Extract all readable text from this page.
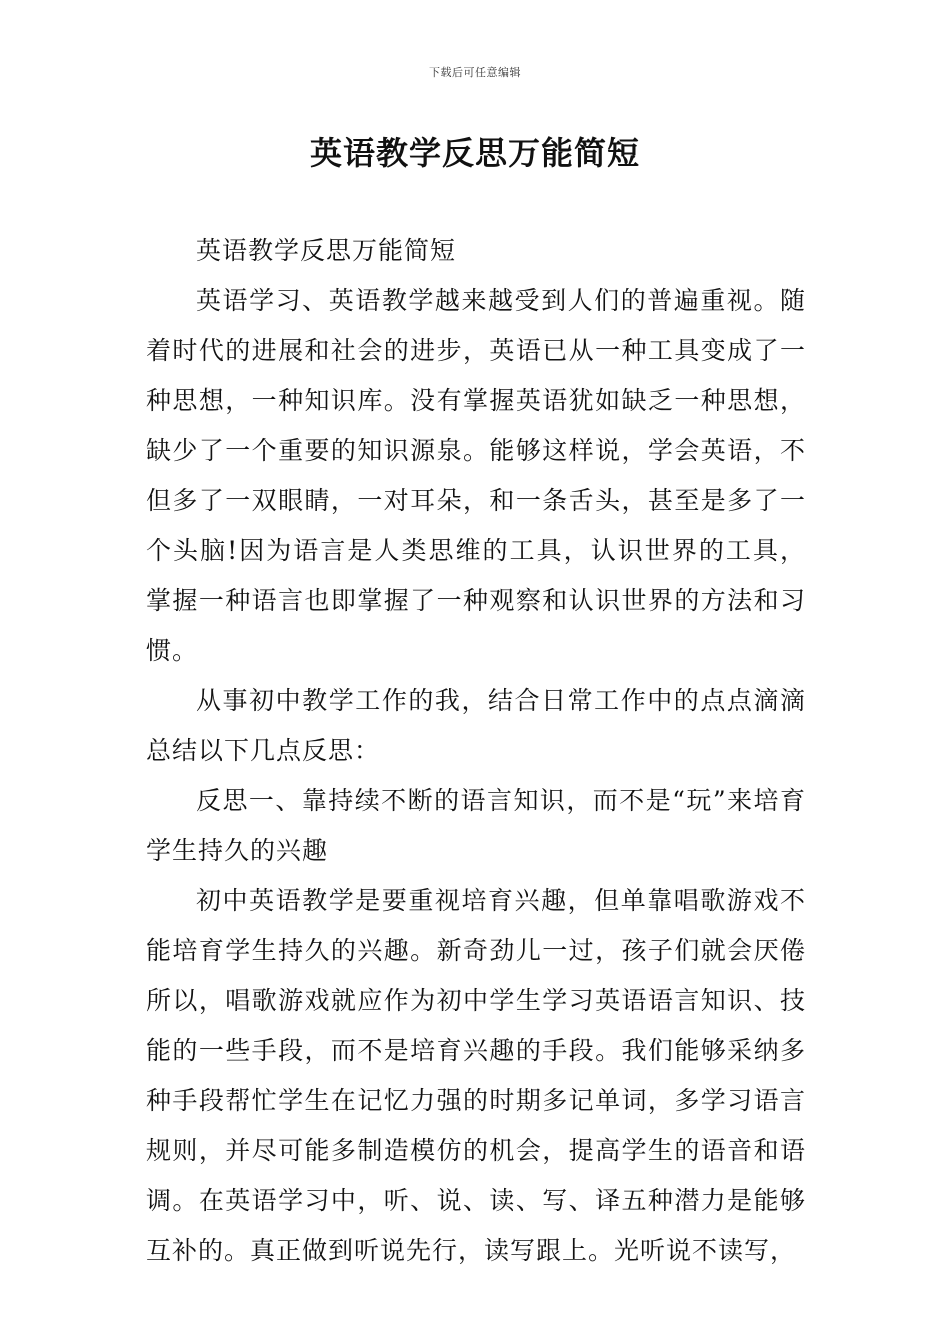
下载后可任意编辑
英语教学反思万能简短

英语教学反思万能简短

英语学习、英语教学越来越受到人们的普遍重视。随着时代的进展和社会的进步，英语已从一种工具变成了一种思想，一种知识库。没有掌握英语犹如缺乏一种思想，缺少了一个重要的知识源泉。能够这样说，学会英语，不但多了一双眼睛，一对耳朵，和一条舌头，甚至是多了一个头脑!因为语言是人类思维的工具，认识世界的工具，掌握一种语言也即掌握了一种观察和认识世界的方法和习惯。

从事初中教学工作的我，结合日常工作中的点点滴滴总结以下几点反思：

反思一、靠持续不断的语言知识，而不是“玩”来培育学生持久的兴趣

初中英语教学是要重视培育兴趣，但单靠唱歌游戏不能培育学生持久的兴趣。新奇劲儿一过，孩子们就会厌倦所以，唱歌游戏就应作为初中学生学习英语语言知识、技能的一些手段，而不是培育兴趣的手段。我们能够采纳多种手段帮忙学生在记忆力强的时期多记单词，多学习语言规则，并尽可能多制造模仿的机会，提高学生的语音和语调。在英语学习中，听、说、读、写、译五种潜力是能够互补的。真正做到听说先行，读写跟上。光听说不读写，
